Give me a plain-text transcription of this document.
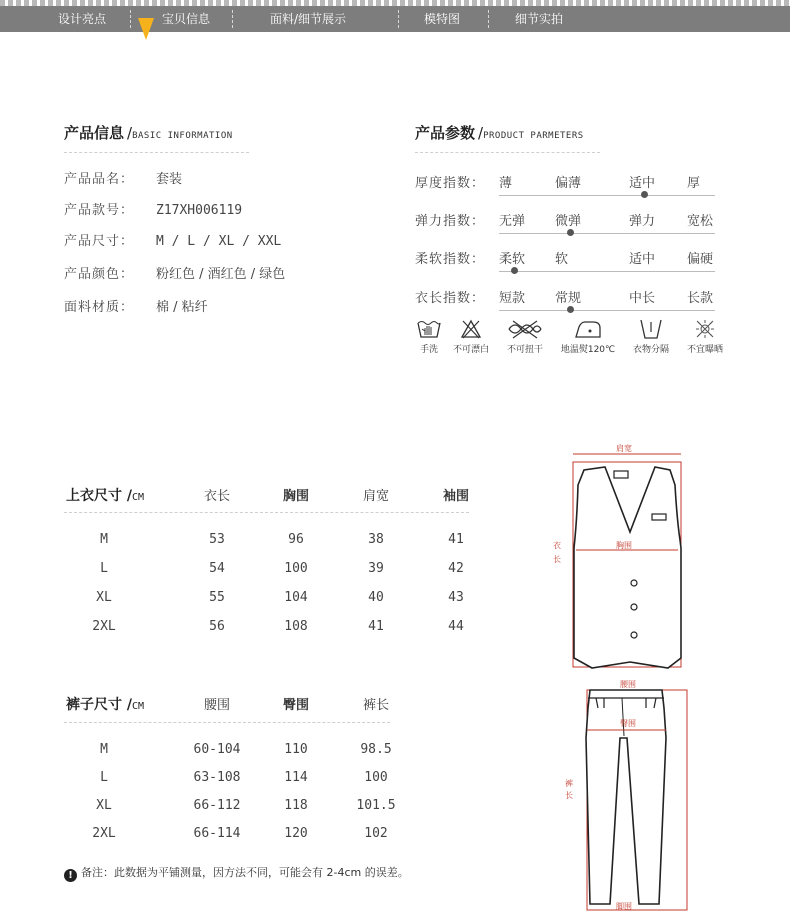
设计亮点	宝贝信息	面料/细节展示	模特图	细节实拍
产品信息 /BASIC INFORMATION
产品品名： 套装
产品款号： Z17XH006119
产品尺寸： M / L / XL / XXL
产品颜色： 粉红色 / 酒红色 / 绿色
面料材质： 棉 / 粘纤
产品参数 /PRODUCT PARMETERS
厚度指数： 薄	偏薄	适中 厚
弹力指数： 无弹 微弹	弹力 宽松
柔软指数： 柔软 软	适中 偏硬
衣长指数： 短款 常规	中长 长款
手洗	不可漂白	不可扭干	地温熨120℃	衣物分隔	不宜曝晒
上衣尺寸 /CM	衣长	胸围	肩宽	袖围
M	53	96	38	41
L	54	100	39	42
XL	55	104	40	43
2XL	56	108	41	44
裤子尺寸 /CM	腰围	臀围	裤长
M	60-104	110	98.5
L	63-108	114	100
XL	66-112	118	101.5
2XL	66-114	120	102
! 备注：此数据为平铺测量，因方法不同，可能会有 2-4cm 的误差。
肩宽
衣
长
胸围
腰围
裤
长
臀围
脚围
